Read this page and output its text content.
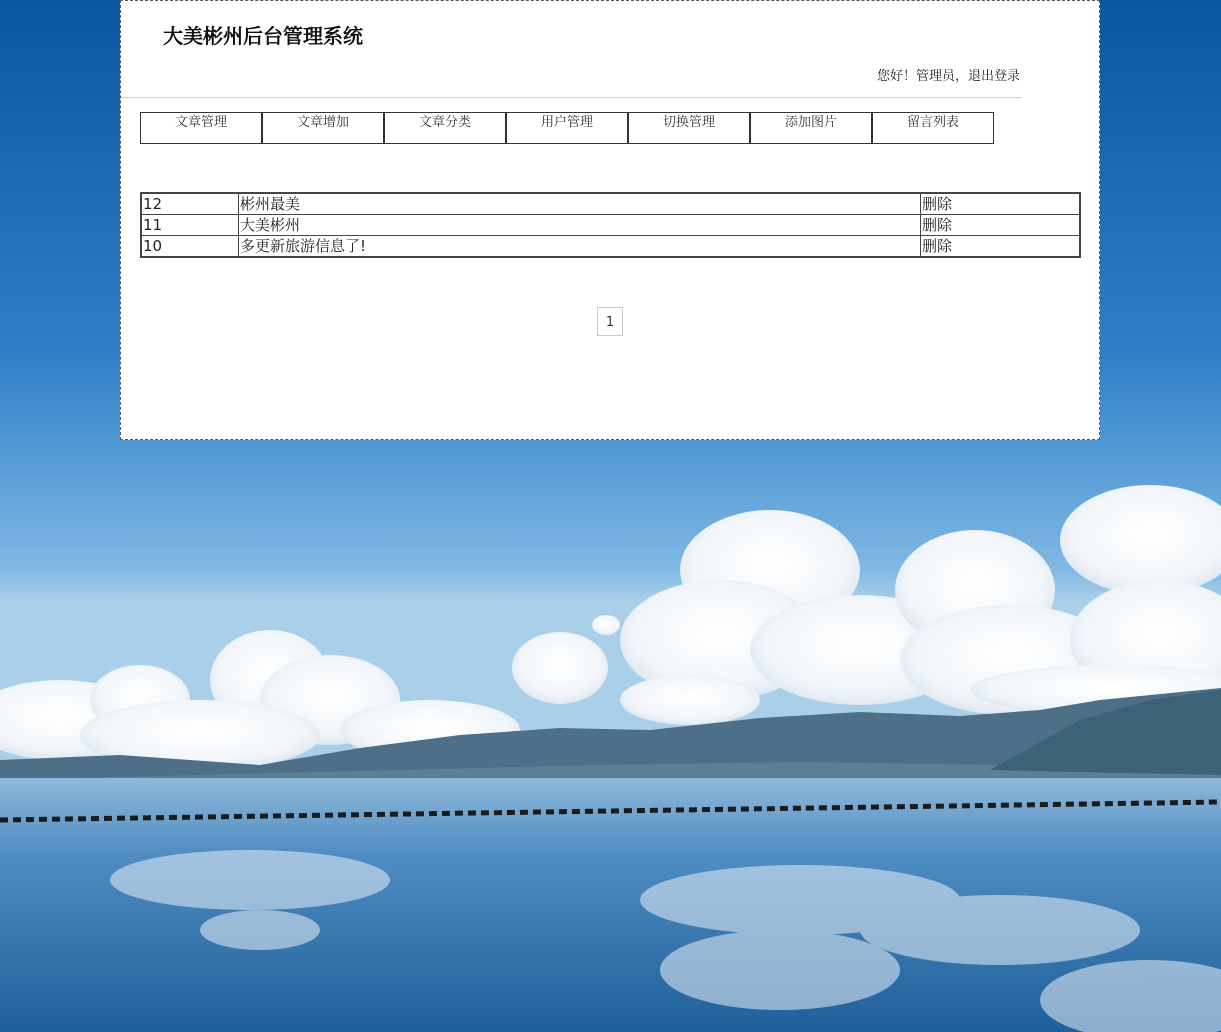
大美彬州后台管理系统
您好！管理员，退出登录
文章管理	文章增加	文章分类	用户管理	切换管理	添加图片	留言列表
12	彬州最美	删除
11	大美彬州	删除
10	多更新旅游信息了!	删除
1
